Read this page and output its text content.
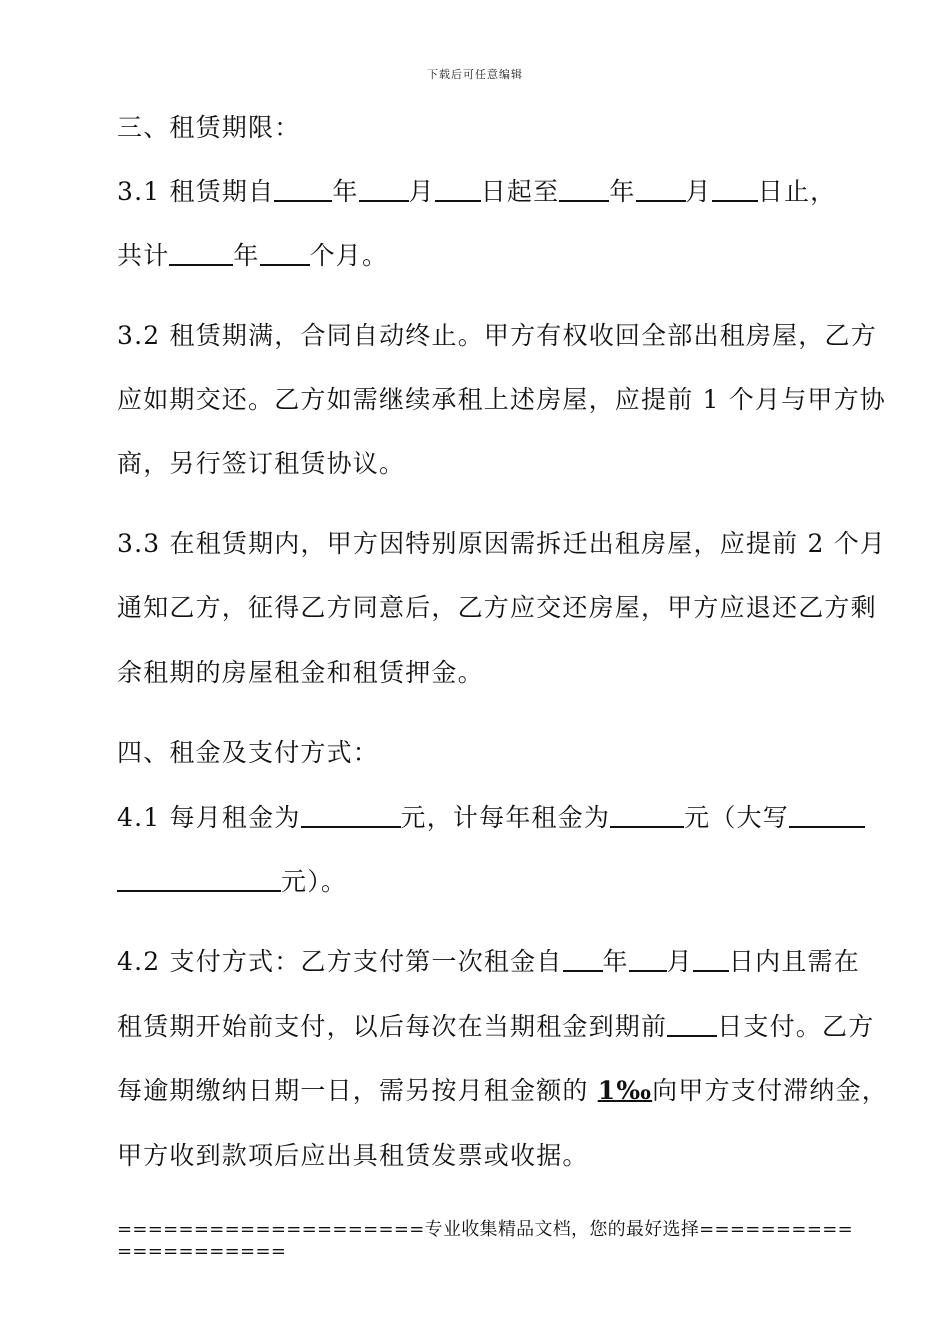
下载后可任意编辑
三、租赁期限：
3.1 租赁期自 年 月 日起至 年 月 日止，
共计	年 个月。
3.2 租赁期满，合同自动终止。甲方有权收回全部出租房屋，乙方
应如期交还。乙方如需继续承租上述房屋，应提前 1 个月与甲方协
商，另行签订租赁协议。
3.3 在租赁期内，甲方因特别原因需拆迁出租房屋，应提前 2 个月
通知乙方，征得乙方同意后，乙方应交还房屋，甲方应退还乙方剩
余租期的房屋租金和租赁押金。
四、租金及支付方式：
4.1 每月租金为	元，计每年租金为	元（大写
元）。
4.2 支付方式：乙方支付第一次租金自 年 月 日内且需在
租赁期开始前支付，以后每次在当期租金到期前 日支付。乙方
每逾期缴纳日期一日，需另按月租金额的 1‰向甲方支付滞纳金，
甲方收到款项后应出具租赁发票或收据。
====================专业收集精品文档，您的最好选择=====================
